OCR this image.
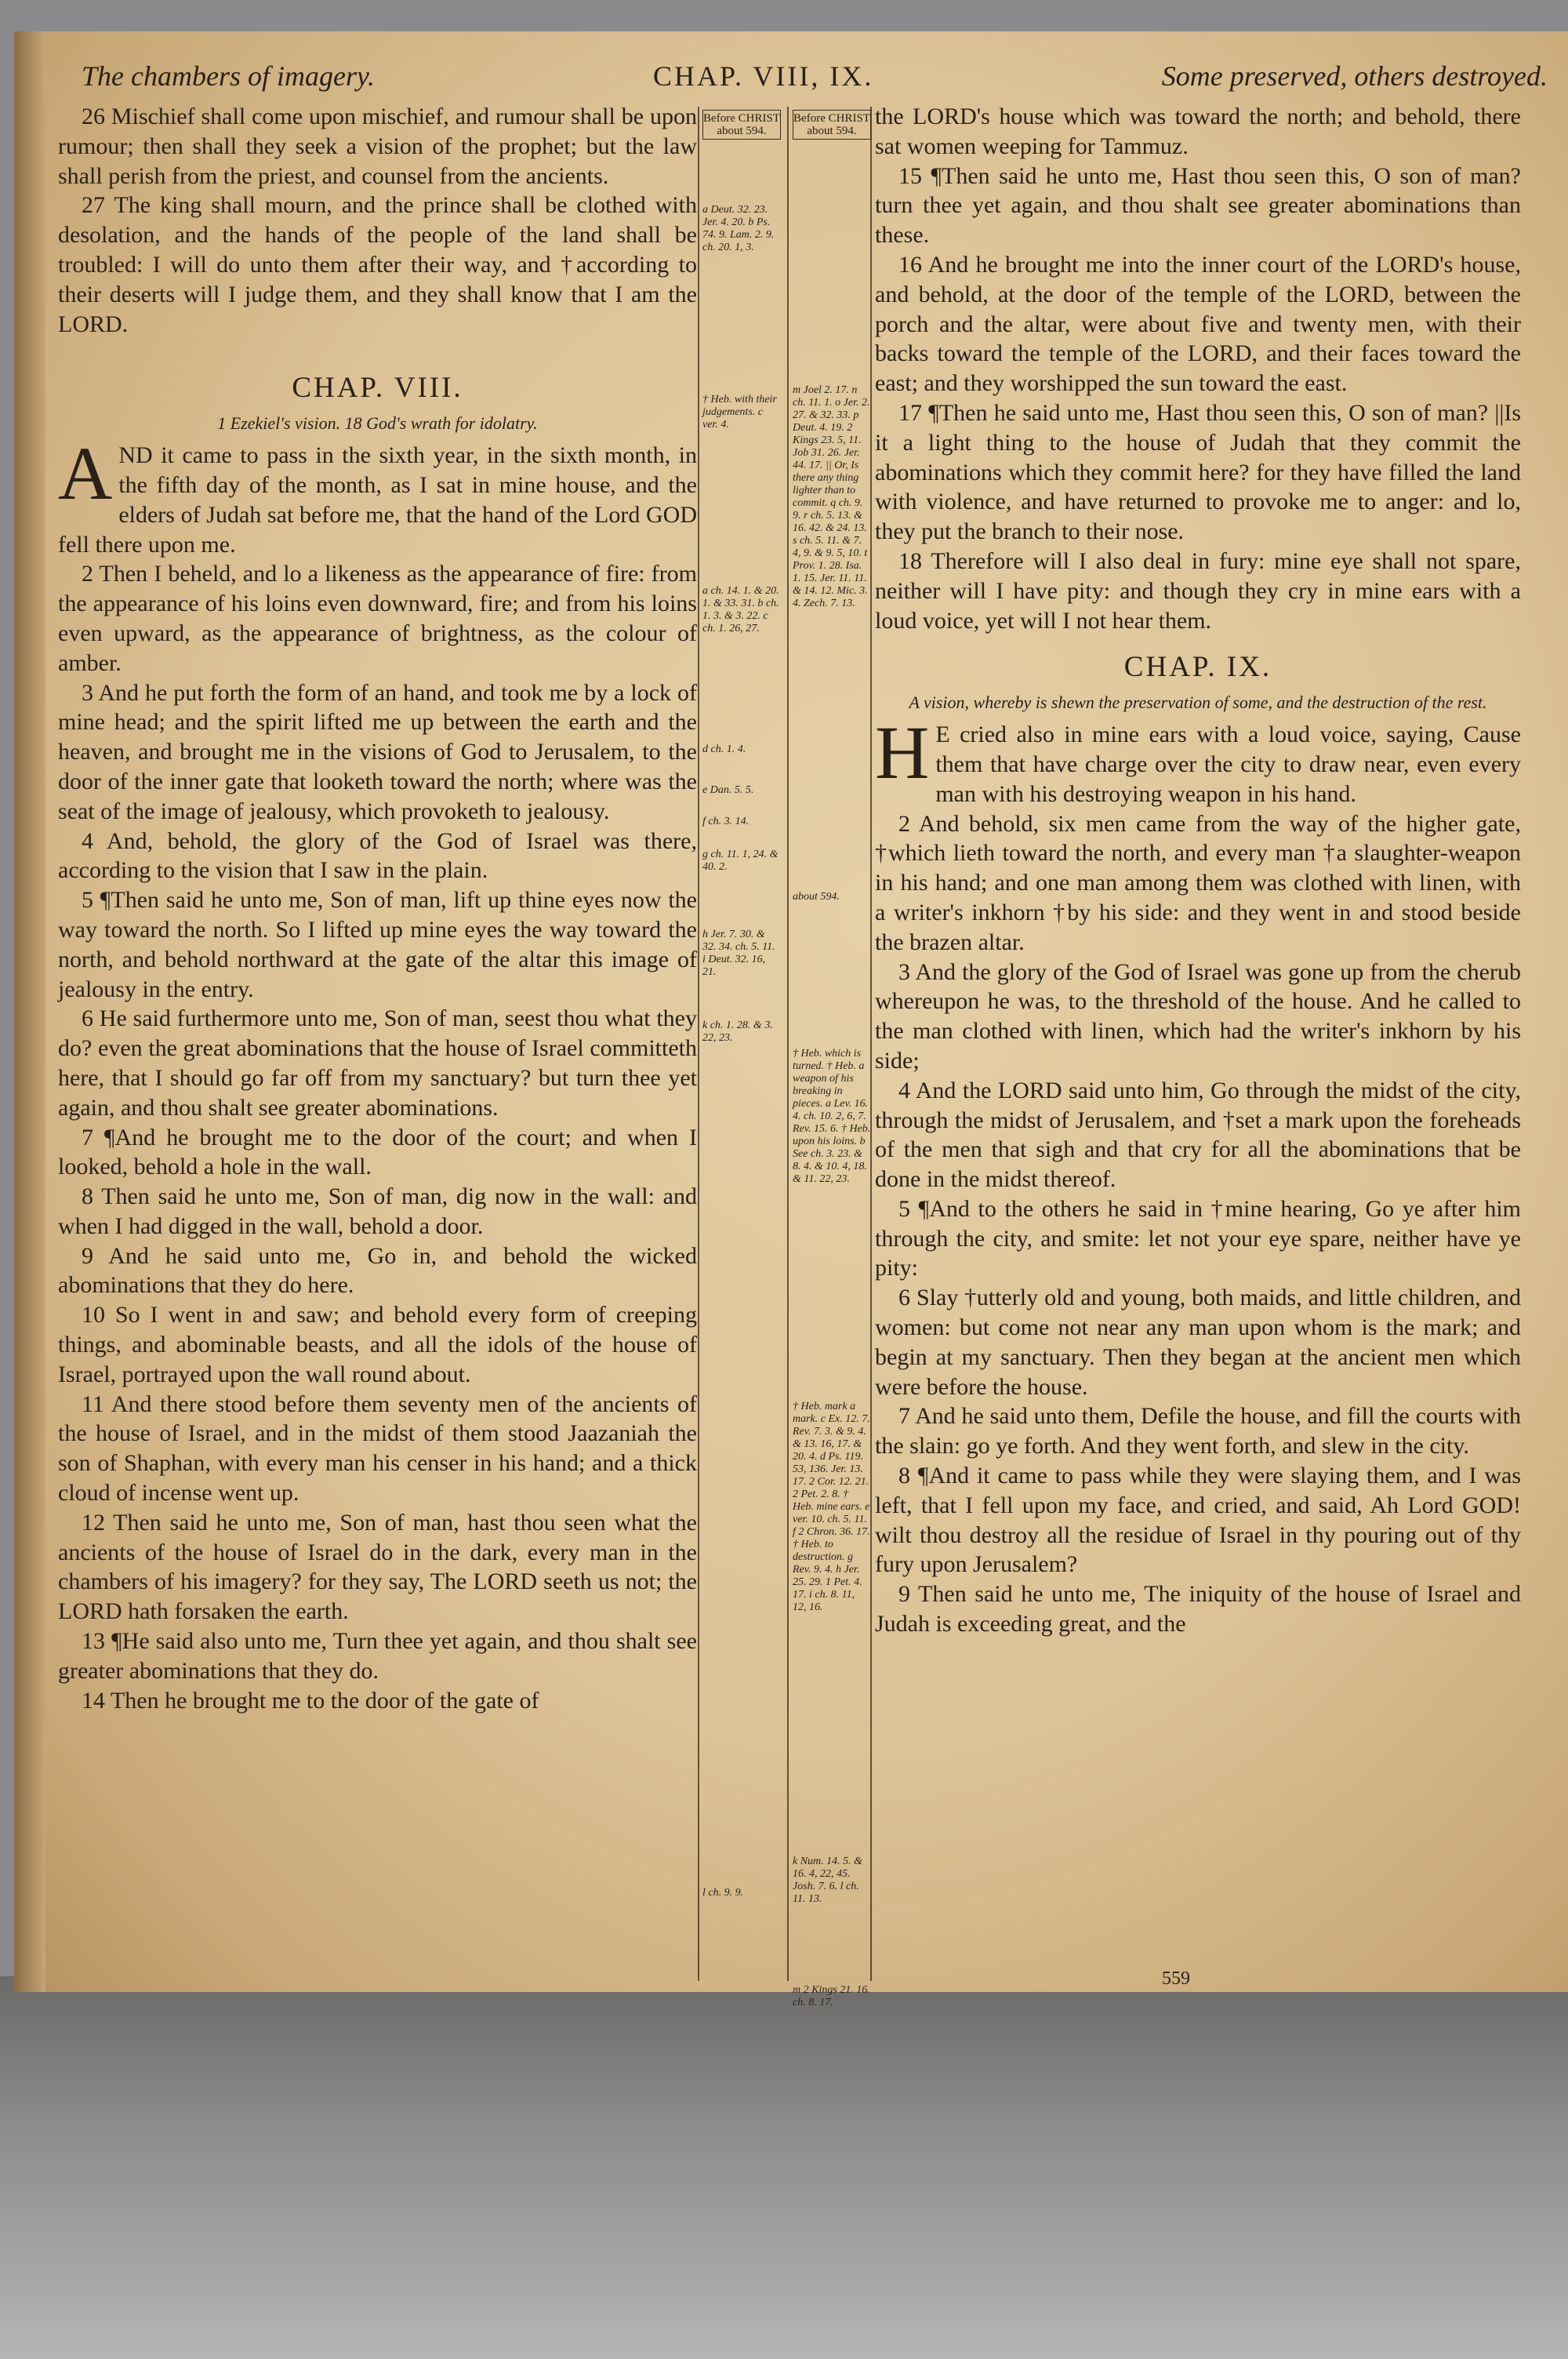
The chambers of imagery.	CHAP. VIII, IX.	Some preserved, others destroyed.

26 Mischief shall come upon mischief, and rumour shall be upon rumour; then shall they seek a vision of the prophet; but the law shall perish from the priest, and counsel from the ancients.

27 The king shall mourn, and the prince shall be clothed with desolation, and the hands of the people of the land shall be troubled: I will do unto them after their way, and †according to their deserts will I judge them, and they shall know that I am the LORD.

CHAP. VIII.
1 Ezekiel's vision. 18 God's wrath for idolatry.

AND it came to pass in the sixth year, in the sixth month, in the fifth day of the month, as I sat in mine house, and the elders of Judah sat before me, that the hand of the Lord GOD fell there upon me.

2 Then I beheld, and lo a likeness as the appearance of fire: from the appearance of his loins even downward, fire; and from his loins even upward, as the appearance of brightness, as the colour of amber.

3 And he put forth the form of an hand, and took me by a lock of mine head; and the spirit lifted me up between the earth and the heaven, and brought me in the visions of God to Jerusalem, to the door of the inner gate that looketh toward the north; where was the seat of the image of jealousy, which provoketh to jealousy.

4 And, behold, the glory of the God of Israel was there, according to the vision that I saw in the plain.

5 ¶Then said he unto me, Son of man, lift up thine eyes now the way toward the north. So I lifted up mine eyes the way toward the north, and behold northward at the gate of the altar this image of jealousy in the entry.

6 He said furthermore unto me, Son of man, seest thou what they do? even the great abominations that the house of Israel committeth here, that I should go far off from my sanctuary? but turn thee yet again, and thou shalt see greater abominations.

7 ¶And he brought me to the door of the court; and when I looked, behold a hole in the wall.

8 Then said he unto me, Son of man, dig now in the wall: and when I had digged in the wall, behold a door.

9 And he said unto me, Go in, and behold the wicked abominations that they do here.

10 So I went in and saw; and behold every form of creeping things, and abominable beasts, and all the idols of the house of Israel, portrayed upon the wall round about.

11 And there stood before them seventy men of the ancients of the house of Israel, and in the midst of them stood Jaazaniah the son of Shaphan, with every man his censer in his hand; and a thick cloud of incense went up.

12 Then said he unto me, Son of man, hast thou seen what the ancients of the house of Israel do in the dark, every man in the chambers of his imagery? for they say, The LORD seeth us not; the LORD hath forsaken the earth.

13 ¶He said also unto me, Turn thee yet again, and thou shalt see greater abominations that they do.

14 Then he brought me to the door of the gate of

Before CHRIST about 594.
a Deut. 32. 23. Jer. 4. 20. b Ps. 74. 9. Lam. 2. 9. ch. 20. 1, 3.
† Heb. with their judgements. c ver. 4.
a ch. 14. 1. & 20. 1. & 33. 31. b ch. 1. 3. & 3. 22. c ch. 1. 26, 27.
d ch. 1. 4.
e Dan. 5. 5.
f ch. 3. 14.
g ch. 11. 1, 24. & 40. 2.
h Jer. 7. 30. & 32. 34. ch. 5. 11. i Deut. 32. 16, 21.
k ch. 1. 28. & 3. 22, 23.
l ch. 9. 9.
Before CHRIST about 594.
m Joel 2. 17. n ch. 11. 1. o Jer. 2. 27. & 32. 33. p Deut. 4. 19. 2 Kings 23. 5, 11. Job 31. 26. Jer. 44. 17. || Or, Is there any thing lighter than to commit. q ch. 9. 9. r ch. 5. 13. & 16. 42. & 24. 13. s ch. 5. 11. & 7. 4, 9. & 9. 5, 10. t Prov. 1. 28. Isa. 1. 15. Jer. 11. 11. & 14. 12. Mic. 3. 4. Zech. 7. 13.
about 594.
† Heb. which is turned. † Heb. a weapon of his breaking in pieces. a Lev. 16. 4. ch. 10. 2, 6, 7. Rev. 15. 6. † Heb. upon his loins. b See ch. 3. 23. & 8. 4. & 10. 4, 18. & 11. 22, 23.
† Heb. mark a mark. c Ex. 12. 7. Rev. 7. 3. & 9. 4. & 13. 16, 17. & 20. 4. d Ps. 119. 53, 136. Jer. 13. 17. 2 Cor. 12. 21. 2 Pet. 2. 8. † Heb. mine ears. e ver. 10. ch. 5. 11. f 2 Chron. 36. 17. † Heb. to destruction. g Rev. 9. 4. h Jer. 25. 29. 1 Pet. 4. 17. i ch. 8. 11, 12, 16.
k Num. 14. 5. & 16. 4, 22, 45. Josh. 7. 6. l ch. 11. 13.
m 2 Kings 21. 16. ch. 8. 17.

the LORD's house which was toward the north; and behold, there sat women weeping for Tammuz.

15 ¶Then said he unto me, Hast thou seen this, O son of man? turn thee yet again, and thou shalt see greater abominations than these.

16 And he brought me into the inner court of the LORD's house, and behold, at the door of the temple of the LORD, between the porch and the altar, were about five and twenty men, with their backs toward the temple of the LORD, and their faces toward the east; and they worshipped the sun toward the east.

17 ¶Then he said unto me, Hast thou seen this, O son of man? ||Is it a light thing to the house of Judah that they commit the abominations which they commit here? for they have filled the land with violence, and have returned to provoke me to anger: and lo, they put the branch to their nose.

18 Therefore will I also deal in fury: mine eye shall not spare, neither will I have pity: and though they cry in mine ears with a loud voice, yet will I not hear them.

CHAP. IX.
A vision, whereby is shewn the preservation of some, and the destruction of the rest.

H E cried also in mine ears with a loud voice, saying, Cause them that have charge over the city to draw near, even every man with his destroying weapon in his hand.

2 And behold, six men came from the way of the higher gate, †which lieth toward the north, and every man †a slaughter-weapon in his hand; and one man among them was clothed with linen, with a writer's inkhorn †by his side: and they went in and stood beside the brazen altar.

3 And the glory of the God of Israel was gone up from the cherub whereupon he was, to the threshold of the house. And he called to the man clothed with linen, which had the writer's inkhorn by his side;

4 And the LORD said unto him, Go through the midst of the city, through the midst of Jerusalem, and †set a mark upon the foreheads of the men that sigh and that cry for all the abominations that be done in the midst thereof.

5 ¶And to the others he said in †mine hearing, Go ye after him through the city, and smite: let not your eye spare, neither have ye pity:

6 Slay †utterly old and young, both maids, and little children, and women: but come not near any man upon whom is the mark; and begin at my sanctuary. Then they began at the ancient men which were before the house.

7 And he said unto them, Defile the house, and fill the courts with the slain: go ye forth. And they went forth, and slew in the city.

8 ¶And it came to pass while they were slaying them, and I was left, that I fell upon my face, and cried, and said, Ah Lord GOD! wilt thou destroy all the residue of Israel in thy pouring out of thy fury upon Jerusalem?

9 Then said he unto me, The iniquity of the house of Israel and Judah is exceeding great, and the

559
